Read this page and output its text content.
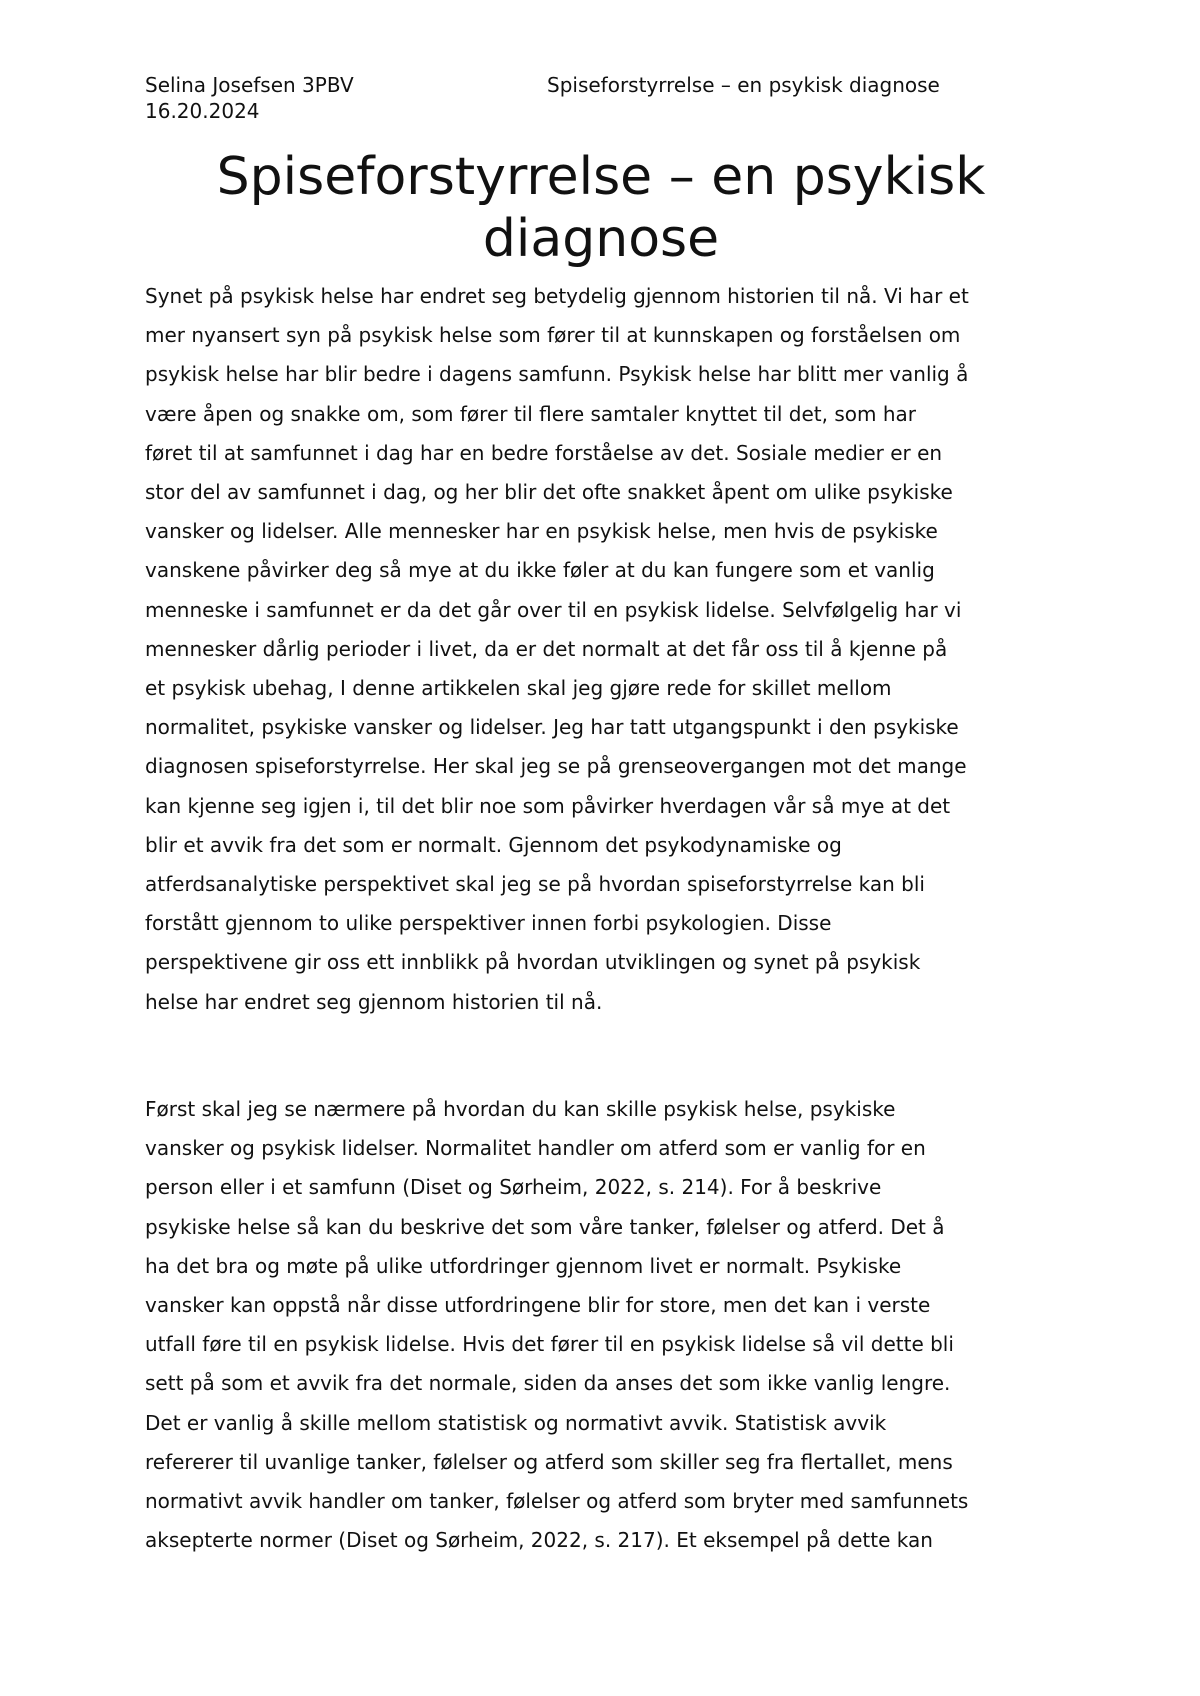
Selina Josefsen 3PBV
16.20.2024
Spiseforstyrrelse – en psykisk diagnose
Spiseforstyrrelse – en psykisk
diagnose
Synet på psykisk helse har endret seg betydelig gjennom historien til nå. Vi har et
mer nyansert syn på psykisk helse som fører til at kunnskapen og forståelsen om
psykisk helse har blir bedre i dagens samfunn. Psykisk helse har blitt mer vanlig å
være åpen og snakke om, som fører til flere samtaler knyttet til det, som har
føret til at samfunnet i dag har en bedre forståelse av det. Sosiale medier er en
stor del av samfunnet i dag, og her blir det ofte snakket åpent om ulike psykiske
vansker og lidelser. Alle mennesker har en psykisk helse, men hvis de psykiske
vanskene påvirker deg så mye at du ikke føler at du kan fungere som et vanlig
menneske i samfunnet er da det går over til en psykisk lidelse. Selvfølgelig har vi
mennesker dårlig perioder i livet, da er det normalt at det får oss til å kjenne på
et psykisk ubehag, I denne artikkelen skal jeg gjøre rede for skillet mellom
normalitet, psykiske vansker og lidelser. Jeg har tatt utgangspunkt i den psykiske
diagnosen spiseforstyrrelse. Her skal jeg se på grenseovergangen mot det mange
kan kjenne seg igjen i, til det blir noe som påvirker hverdagen vår så mye at det
blir et avvik fra det som er normalt. Gjennom det psykodynamiske og
atferdsanalytiske perspektivet skal jeg se på hvordan spiseforstyrrelse kan bli
forstått gjennom to ulike perspektiver innen forbi psykologien. Disse
perspektivene gir oss ett innblikk på hvordan utviklingen og synet på psykisk
helse har endret seg gjennom historien til nå.
Først skal jeg se nærmere på hvordan du kan skille psykisk helse, psykiske
vansker og psykisk lidelser. Normalitet handler om atferd som er vanlig for en
person eller i et samfunn (Diset og Sørheim, 2022, s. 214). For å beskrive
psykiske helse så kan du beskrive det som våre tanker, følelser og atferd. Det å
ha det bra og møte på ulike utfordringer gjennom livet er normalt. Psykiske
vansker kan oppstå når disse utfordringene blir for store, men det kan i verste
utfall føre til en psykisk lidelse. Hvis det fører til en psykisk lidelse så vil dette bli
sett på som et avvik fra det normale, siden da anses det som ikke vanlig lengre.
Det er vanlig å skille mellom statistisk og normativt avvik. Statistisk avvik
refererer til uvanlige tanker, følelser og atferd som skiller seg fra flertallet, mens
normativt avvik handler om tanker, følelser og atferd som bryter med samfunnets
aksepterte normer (Diset og Sørheim, 2022, s. 217). Et eksempel på dette kan
